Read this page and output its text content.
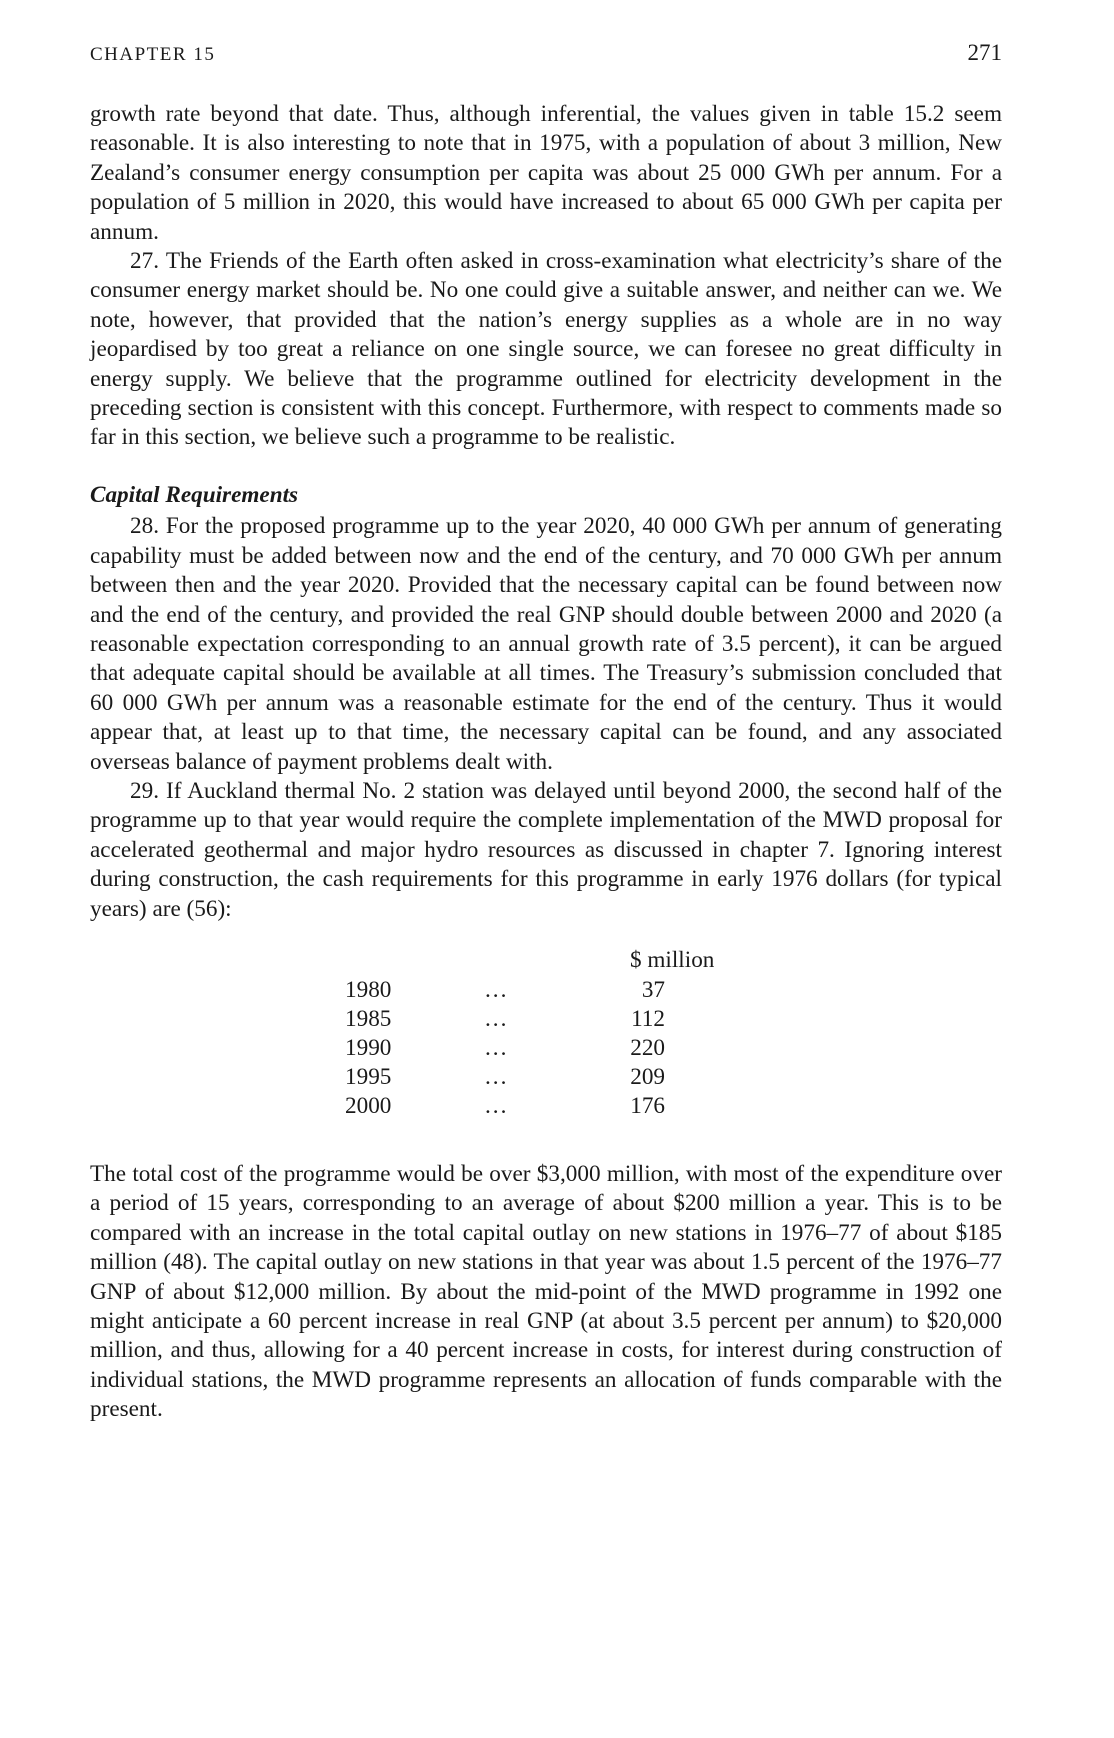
CHAPTER 15	271

growth rate beyond that date. Thus, although inferential, the values given in table 15.2 seem reasonable. It is also interesting to note that in 1975, with a population of about 3 million, New Zealand’s consumer energy consumption per capita was about 25 000 GWh per annum. For a population of 5 million in 2020, this would have increased to about 65 000 GWh per capita per annum.

27. The Friends of the Earth often asked in cross-examination what electricity’s share of the consumer energy market should be. No one could give a suitable answer, and neither can we. We note, however, that provided that the nation’s energy supplies as a whole are in no way jeopardised by too great a reliance on one single source, we can foresee no great difficulty in energy supply. We believe that the programme outlined for electricity development in the preceding section is consistent with this concept. Furthermore, with respect to comments made so far in this section, we believe such a programme to be realistic.

Capital Requirements

28. For the proposed programme up to the year 2020, 40 000 GWh per annum of generating capability must be added between now and the end of the century, and 70 000 GWh per annum between then and the year 2020. Provided that the necessary capital can be found between now and the end of the century, and provided the real GNP should double between 2000 and 2020 (a reasonable expectation corresponding to an annual growth rate of 3.5 percent), it can be argued that adequate capital should be available at all times. The Treasury’s submission concluded that 60 000 GWh per annum was a reasonable estimate for the end of the century. Thus it would appear that, at least up to that time, the necessary capital can be found, and any associated overseas balance of payment problems dealt with.

29. If Auckland thermal No. 2 station was delayed until beyond 2000, the second half of the programme up to that year would require the complete implementation of the MWD proposal for accelerated geothermal and major hydro resources as discussed in chapter 7. Ignoring interest during construction, the cash requirements for this programme in early 1976 dollars (for typical years) are (56):

$ million
1980	...	37
1985	...	112
1990	...	220
1995	...	209
2000	...	176

The total cost of the programme would be over $3,000 million, with most of the expenditure over a period of 15 years, corresponding to an average of about $200 million a year. This is to be compared with an increase in the total capital outlay on new stations in 1976–77 of about $185 million (48). The capital outlay on new stations in that year was about 1.5 percent of the 1976–77 GNP of about $12,000 million. By about the mid-point of the MWD programme in 1992 one might anticipate a 60 percent increase in real GNP (at about 3.5 percent per annum) to $20,000 million, and thus, allowing for a 40 percent increase in costs, for interest during construction of individual stations, the MWD programme represents an allocation of funds comparable with the present.
